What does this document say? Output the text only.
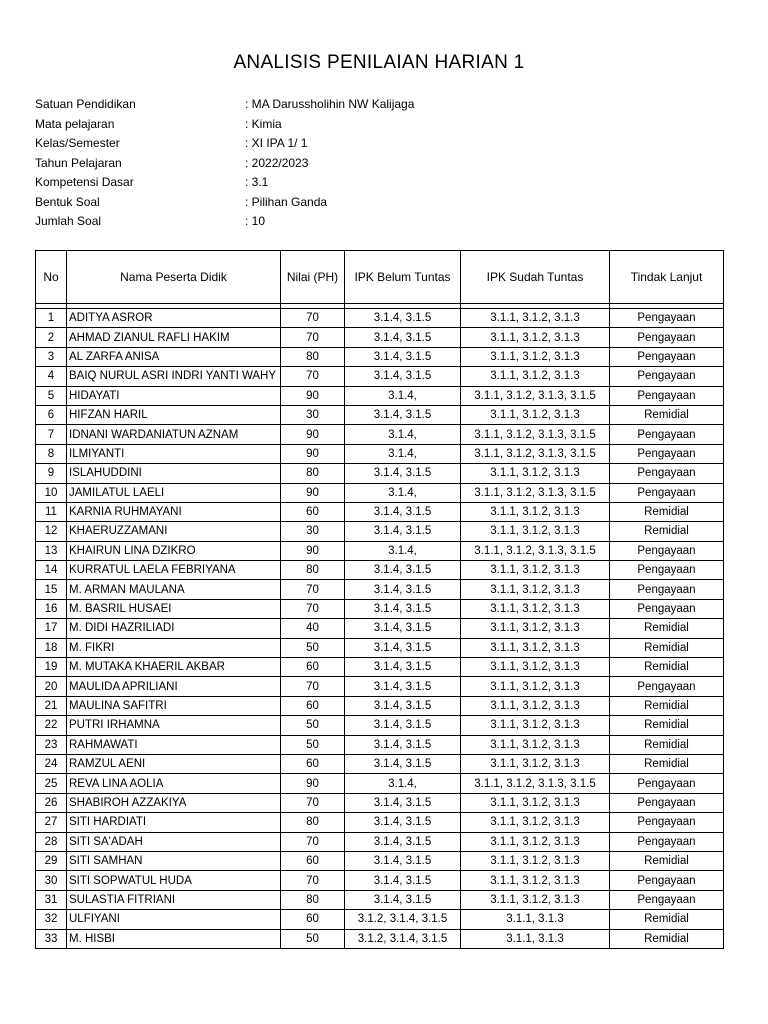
ANALISIS PENILAIAN HARIAN 1
Satuan Pendidikan	: MA Darussholihin NW Kalijaga
Mata pelajaran	: Kimia
Kelas/Semester	: XI IPA 1/ 1
Tahun Pelajaran	: 2022/2023
Kompetensi Dasar	: 3.1
Bentuk Soal	: Pilihan Ganda
Jumlah Soal	: 10
No	Nama Peserta Didik	Nilai (PH)	IPK Belum Tuntas	IPK Sudah Tuntas	Tindak Lanjut

1	ADITYA ASROR	70	3.1.4, 3.1.5	3.1.1, 3.1.2, 3.1.3	Pengayaan
2	AHMAD ZIANUL RAFLI HAKIM	70	3.1.4, 3.1.5	3.1.1, 3.1.2, 3.1.3	Pengayaan
3	AL ZARFA ANISA	80	3.1.4, 3.1.5	3.1.1, 3.1.2, 3.1.3	Pengayaan
4	BAIQ NURUL ASRI INDRI YANTI WAHY	70	3.1.4, 3.1.5	3.1.1, 3.1.2, 3.1.3	Pengayaan
5	HIDAYATI	90	3.1.4,	3.1.1, 3.1.2, 3.1.3, 3.1.5	Pengayaan
6	HIFZAN HARIL	30	3.1.4, 3.1.5	3.1.1, 3.1.2, 3.1.3	Remidial
7	IDNANI WARDANIATUN AZNAM	90	3.1.4,	3.1.1, 3.1.2, 3.1.3, 3.1.5	Pengayaan
8	ILMIYANTI	90	3.1.4,	3.1.1, 3.1.2, 3.1.3, 3.1.5	Pengayaan
9	ISLAHUDDINI	80	3.1.4, 3.1.5	3.1.1, 3.1.2, 3.1.3	Pengayaan
10	JAMILATUL LAELI	90	3.1.4,	3.1.1, 3.1.2, 3.1.3, 3.1.5	Pengayaan
11	KARNIA RUHMAYANI	60	3.1.4, 3.1.5	3.1.1, 3.1.2, 3.1.3	Remidial
12	KHAERUZZAMANI	30	3.1.4, 3.1.5	3.1.1, 3.1.2, 3.1.3	Remidial
13	KHAIRUN LINA DZIKRO	90	3.1.4,	3.1.1, 3.1.2, 3.1.3, 3.1.5	Pengayaan
14	KURRATUL LAELA FEBRIYANA	80	3.1.4, 3.1.5	3.1.1, 3.1.2, 3.1.3	Pengayaan
15	M. ARMAN MAULANA	70	3.1.4, 3.1.5	3.1.1, 3.1.2, 3.1.3	Pengayaan
16	M. BASRIL HUSAEI	70	3.1.4, 3.1.5	3.1.1, 3.1.2, 3.1.3	Pengayaan
17	M. DIDI HAZRILIADI	40	3.1.4, 3.1.5	3.1.1, 3.1.2, 3.1.3	Remidial
18	M. FIKRI	50	3.1.4, 3.1.5	3.1.1, 3.1.2, 3.1.3	Remidial
19	M. MUTAKA KHAERIL AKBAR	60	3.1.4, 3.1.5	3.1.1, 3.1.2, 3.1.3	Remidial
20	MAULIDA APRILIANI	70	3.1.4, 3.1.5	3.1.1, 3.1.2, 3.1.3	Pengayaan
21	MAULINA SAFITRI	60	3.1.4, 3.1.5	3.1.1, 3.1.2, 3.1.3	Remidial
22	PUTRI IRHAMNA	50	3.1.4, 3.1.5	3.1.1, 3.1.2, 3.1.3	Remidial
23	RAHMAWATI	50	3.1.4, 3.1.5	3.1.1, 3.1.2, 3.1.3	Remidial
24	RAMZUL AENI	60	3.1.4, 3.1.5	3.1.1, 3.1.2, 3.1.3	Remidial
25	REVA LINA AOLIA	90	3.1.4,	3.1.1, 3.1.2, 3.1.3, 3.1.5	Pengayaan
26	SHABIROH AZZAKIYA	70	3.1.4, 3.1.5	3.1.1, 3.1.2, 3.1.3	Pengayaan
27	SITI HARDIATI	80	3.1.4, 3.1.5	3.1.1, 3.1.2, 3.1.3	Pengayaan
28	SITI SA'ADAH	70	3.1.4, 3.1.5	3.1.1, 3.1.2, 3.1.3	Pengayaan
29	SITI SAMHAN	60	3.1.4, 3.1.5	3.1.1, 3.1.2, 3.1.3	Remidial
30	SITI SOPWATUL HUDA	70	3.1.4, 3.1.5	3.1.1, 3.1.2, 3.1.3	Pengayaan
31	SULASTIA FITRIANI	80	3.1.4, 3.1.5	3.1.1, 3.1.2, 3.1.3	Pengayaan
32	ULFIYANI	60	3.1.2, 3.1.4, 3.1.5	3.1.1, 3.1.3	Remidial
33	M. HISBI	50	3.1.2, 3.1.4, 3.1.5	3.1.1, 3.1.3	Remidial
